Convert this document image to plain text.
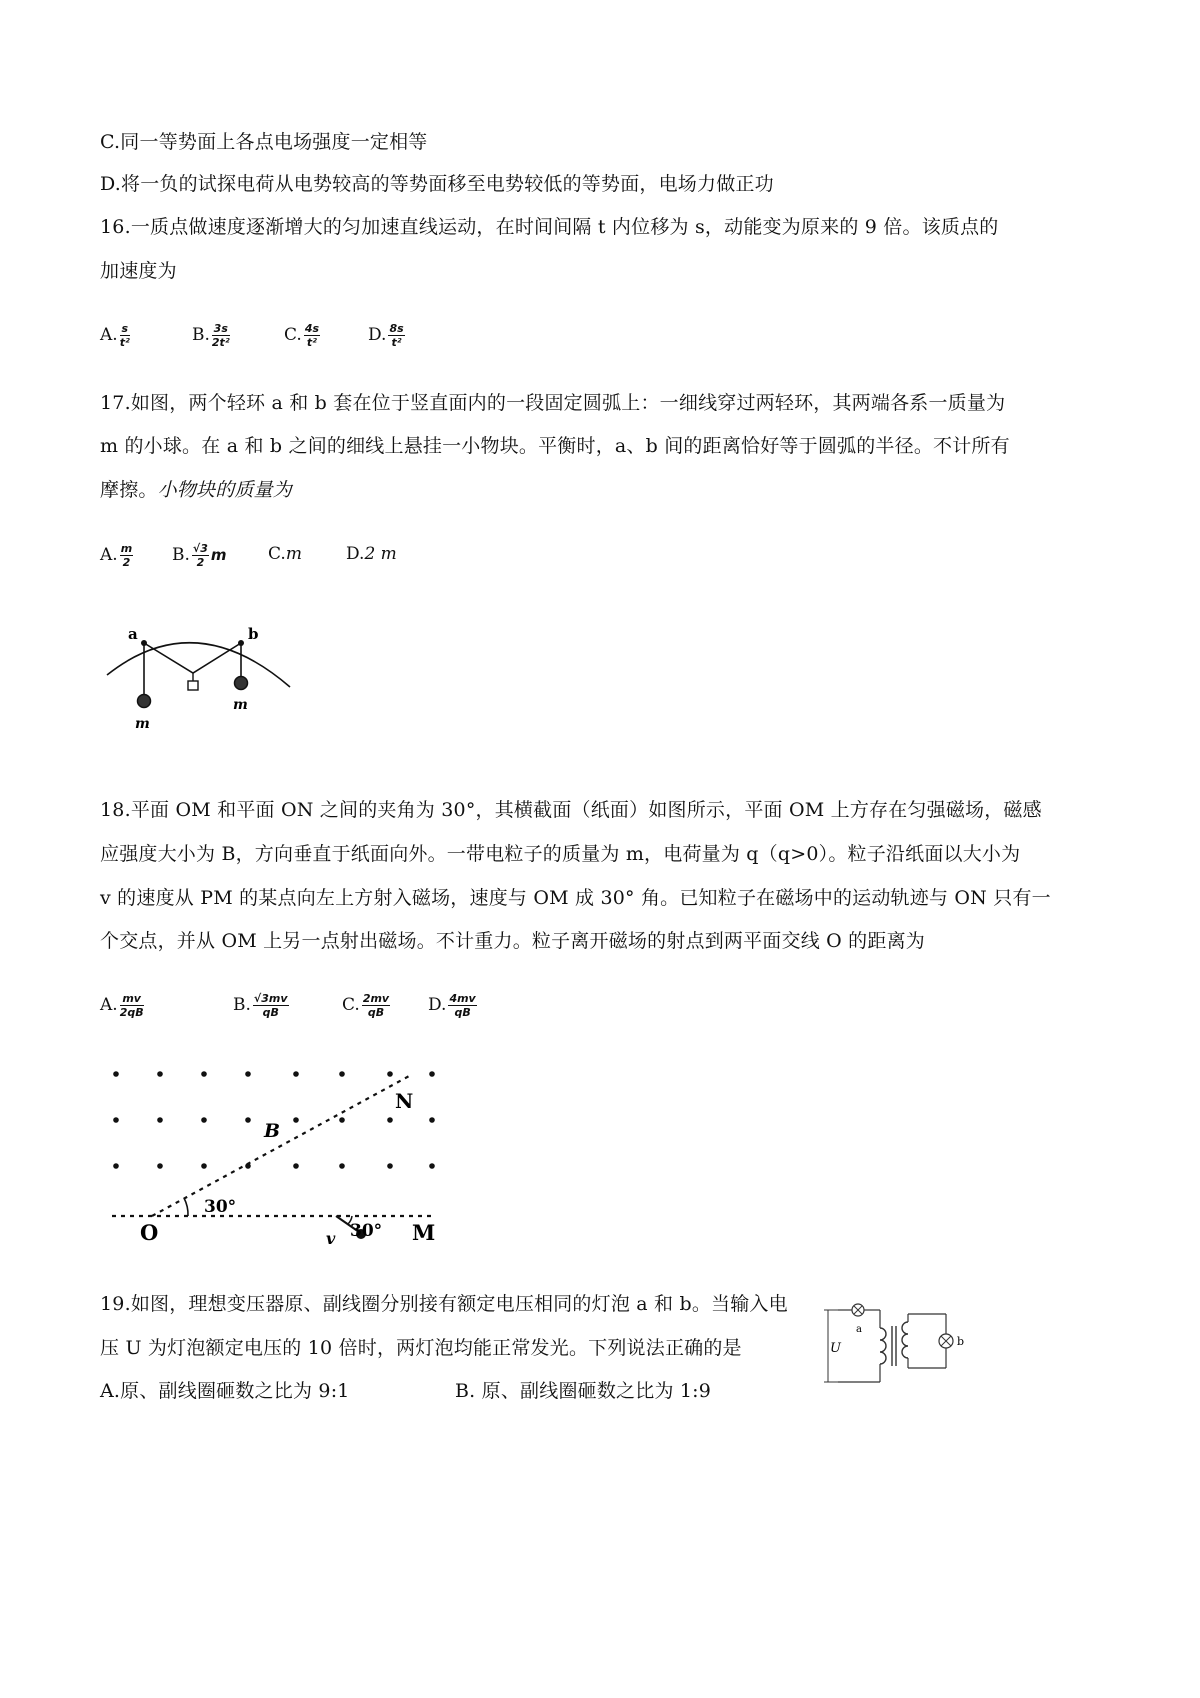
C.同一等势面上各点电场强度一定相等
D.将一负的试探电荷从电势较高的等势面移至电势较低的等势面，电场力做正功
16.一质点做速度逐渐增大的匀加速直线运动，在时间间隔 t 内位移为 s，动能变为原来的 9 倍。该质点的
加速度为
A. $\frac{s}{\text{t²}}$	B. $\frac{3s}{\text{2t²}}$	C. $\frac{4s}{\text{t²}}$	D. $\frac{8s}{\text{t²}}$
17.如图，两个轻环 a 和 b 套在位于竖直面内的一段固定圆弧上：一细线穿过两轻环，其两端各系一质量为
m 的小球。在 a 和 b 之间的细线上悬挂一小物块。平衡时，a、b 间的距离恰好等于圆弧的半径。不计所有
摩擦。小物块的质量为
A. $\frac{m}{2} B$. $\frac{√3}{2}$ m C.m	D.2 m
a	b
m
m
18.平面 OM 和平面 ON 之间的夹角为 30°，其横截面（纸面）如图所示，平面 OM 上方存在匀强磁场，磁感
应强度大小为 B，方向垂直于纸面向外。一带电粒子的质量为 m，电荷量为 q（q>0）。粒子沿纸面以大小为
v 的速度从 PM 的某点向左上方射入磁场，速度与 OM 成 30° 角。已知粒子在磁场中的运动轨迹与 ON 只有一
个交点，并从 OM 上另一点射出磁场。不计重力。粒子离开磁场的射点到两平面交线 O 的距离为
A. $\frac{mv}{2qB}$	B. $\frac{√3mv}{qB}$	C. $\frac{2mv}{qB} D$. $\frac{4mv}{qB}$
B
N
O	M
v
30°
30°
19.如图，理想变压器原、副线圈分别接有额定电压相同的灯泡 a 和 b。当输入电
压 U 为灯泡额定电压的 10 倍时，两灯泡均能正常发光。下列说法正确的是
A.原、副线圈砸数之比为 9:1	B. 原、副线圈砸数之比为 1:9
U
a
b
